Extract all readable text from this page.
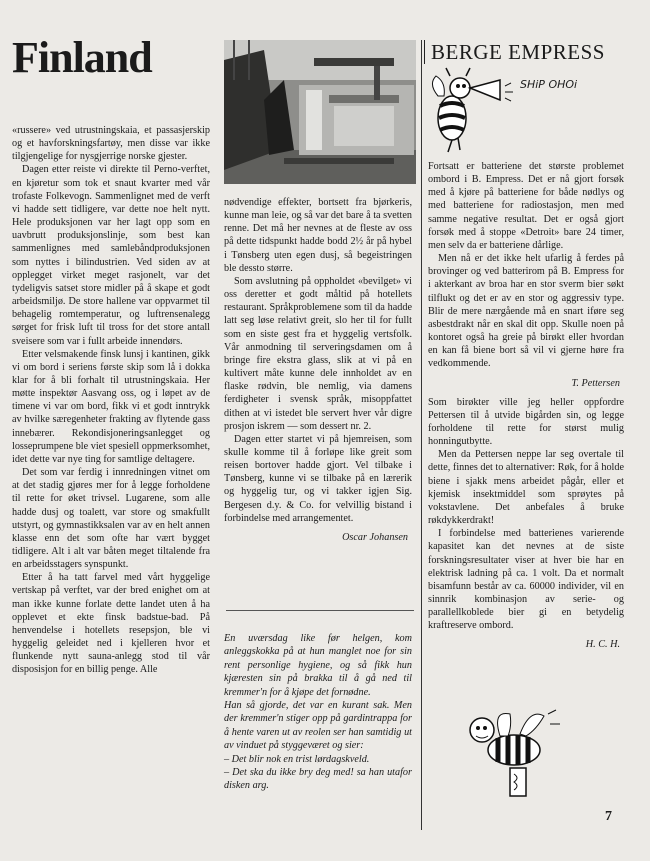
Finland	BERGE EMPRESS
SHiP OHOi

«russere» ved utrustningskaia, et passasjerskip og et havforskningsfartøy, men disse var ikke tilgjengelige for nysgjerrige norske gjester.

Dagen etter reiste vi direkte til Perno-verftet, en kjøretur som tok et snaut kvarter med vår trofaste Folkevogn. Sammenlignet med de verft vi hadde sett tidligere, var dette noe helt nytt. Hele produksjonen var her lagt opp som en uavbrutt produksjonslinje, som best kan sammenlignes med samlebåndproduksjonen som nyttes i bilindustrien. Ved siden av at opplegget virket meget rasjonelt, var det tydeligvis satset store midler på å skape et godt arbeidsmiljø. De store hallene var oppvarmet til behagelig romtemperatur, og luftrensenalegg sørget for frisk luft til tross for det store antall sveisere som var i fullt arbeide innendørs.

Etter velsmakende finsk lunsj i kantinen, gikk vi om bord i seriens første skip som lå i dokka klar for å bli forhalt til utrustningskaia. Her møtte inspektør Aasvang oss, og i løpet av de timene vi var om bord, fikk vi et godt inntrykk av hvilke særegenheter frakting av flytende gass innebærer. Rekondisjoneringsanlegget og losseprumpene ble viet spesiell oppmerksomhet, idet dette var nye ting for samtlige deltagere.

Det som var ferdig i innredningen vitnet om at det stadig gjøres mer for å legge forholdene til rette for øket trivsel. Lugarene, som alle hadde dusj og toalett, var store og smakfullt utstyrt, og gymnastikksalen var av en helt annen klasse enn det som ofte har vært bygget tidligere. Alt i alt var båten meget tiltalende fra en arbeidsstagers synspunkt.

Etter å ha tatt farvel med vårt hyggelige vertskap på verftet, var der bred enighet om at man ikke kunne forlate dette landet uten å ha opplevet et ekte finsk badstue-bad. På henvendelse i hotellets resepsjon, ble vi hyggelig geleidet ned i kjelleren hvor et flunkende nytt sauna-anlegg stod til vår disposisjon for en billig penge. Alle

nødvendige effekter, bortsett fra bjørkeris, kunne man leie, og så var det bare å ta svetten renne. Det må her nevnes at de fleste av oss på dette tidspunkt hadde bodd 2½ år på hybel i Tønsberg uten egen dusj, så begeistringen ble dessto større.

Som avslutning på oppholdet «bevilget» vi oss deretter et godt måltid på hotellets restaurant. Språkproblemene som til da hadde latt seg løse relativt greit, slo her til for fullt som en siste gest fra et hyggelig vertsfolk. Vår anmodning til serveringsdamen om å bringe fire ekstra glass, slik at vi på en kultivert måte kunne dele innholdet av en flaske rødvin, ble nemlig, via damens ferdigheter i svensk språk, misoppfattet dithen at vi istedet ble servert hver vår digre prosjon iskrem — som dessert nr. 2.

Dagen etter startet vi på hjemreisen, som skulle komme til å forløpe like greit som reisen bortover hadde gjort. Vel tilbake i Tønsberg, kunne vi se tilbake på en lærerik og hyggelig tur, og vi takker igjen Sig. Bergesen d.y. & Co. for velvillig bistand i forbindelse med arrangementet.

Oscar Johansen

En uværsdag like før helgen, kom anleggskokka på at hun manglet noe for sin rent personlige hygiene, og så fikk hun kjæresten sin på brakka til å gå ned til kremmer'n for å kjøpe det fornødne.

Han så gjorde, det var en kurant sak. Men der kremmer'n stiger opp på gardintrappa for å hente varen ut av reolen ser han samtidig ut av vinduet på styggeværet og sier:

– Det blir nok en trist lørdagskveld.

– Det ska du ikke bry deg med! sa han utafor disken arg.

Fortsatt er batteriene det største problemet ombord i B. Empress. Det er nå gjort forsøk med å kjøre på batteriene for både nødlys og med batteriene for radiostasjon, men med samme negative resultat. Det er også gjort forsøk med å stoppe «Detroit» bare 24 timer, men selv da er batteriene dårlige.

Men nå er det ikke helt ufarlig å ferdes på brovinger og ved batterirom på B. Empress for i akterkant av broa har en stor sverm bier søkt tilflukt og det er av en stor og aggressiv type. Blir de mere nærgående må en snart iføre seg asbestdrakt når en skal dit opp. Skulle noen på kontoret også ha greie på birøkt eller hvordan en kan få biene bort så vil vi gjerne høre fra vedkommende.

T. Pettersen

Som birøkter ville jeg heller oppfordre Pettersen til å utvide bigården sin, og legge forholdene til rette for størst mulig honningutbytte.

Men da Pettersen neppe lar seg overtale til dette, finnes det to alternativer: Røk, for å holde biene i sjakk mens arbeidet pågår, eller et kjemisk insektmiddel som sprøytes på vokstavlene. Det anbefales å bruke røkdykkerdrakt!

I forbindelse med batterienes varierende kapasitet kan det nevnes at de siste forskningsresultater viser at hver bie har en elektrisk ladning på ca. 1 volt. Da et normalt bisamfunn består av ca. 60000 individer, vil en sinnrik kombinasjon av serie- og parallellkoblede bier gi en betydelig kraftreserve ombord.

H. C. H.
7
